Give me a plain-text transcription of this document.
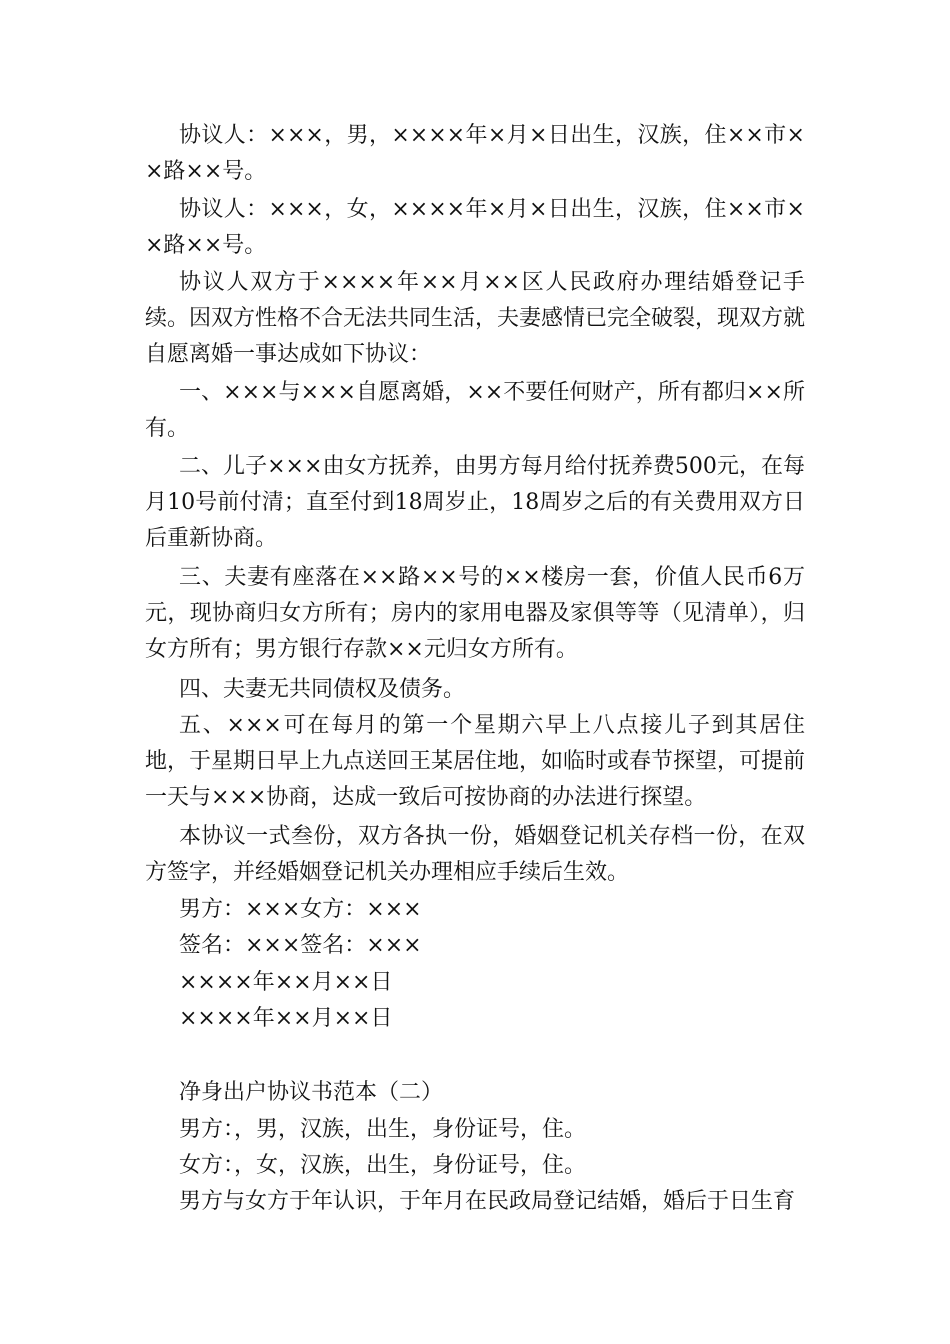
协议人：×××，男，××××年×月×日出生，汉族，住××市××路××号。

协议人：×××，女，××××年×月×日出生，汉族，住××市××路××号。

协议人双方于××××年××月××区人民政府办理结婚登记手续。因双方性格不合无法共同生活，夫妻感情已完全破裂，现双方就自愿离婚一事达成如下协议：

一、×××与×××自愿离婚，××不要任何财产，所有都归××所有。

二、儿子×××由女方抚养，由男方每月给付抚养费500元，在每月10号前付清；直至付到18周岁止，18周岁之后的有关费用双方日后重新协商。

三、夫妻有座落在××路××号的××楼房一套，价值人民币6万元，现协商归女方所有；房内的家用电器及家俱等等（见清单），归女方所有；男方银行存款××元归女方所有。

四、夫妻无共同债权及债务。

五、×××可在每月的第一个星期六早上八点接儿子到其居住地，于星期日早上九点送回王某居住地，如临时或春节探望，可提前一天与×××协商，达成一致后可按协商的办法进行探望。

本协议一式叁份，双方各执一份，婚姻登记机关存档一份，在双方签字，并经婚姻登记机关办理相应手续后生效。

男方：×××女方：×××

签名：×××签名：×××

××××年××月××日

××××年××月××日

净身出户协议书范本（二）

男方：，男，汉族，出生，身份证号，住。

女方：，女，汉族，出生，身份证号，住。

男方与女方于年认识，于年月在民政局登记结婚，婚后于日生育
